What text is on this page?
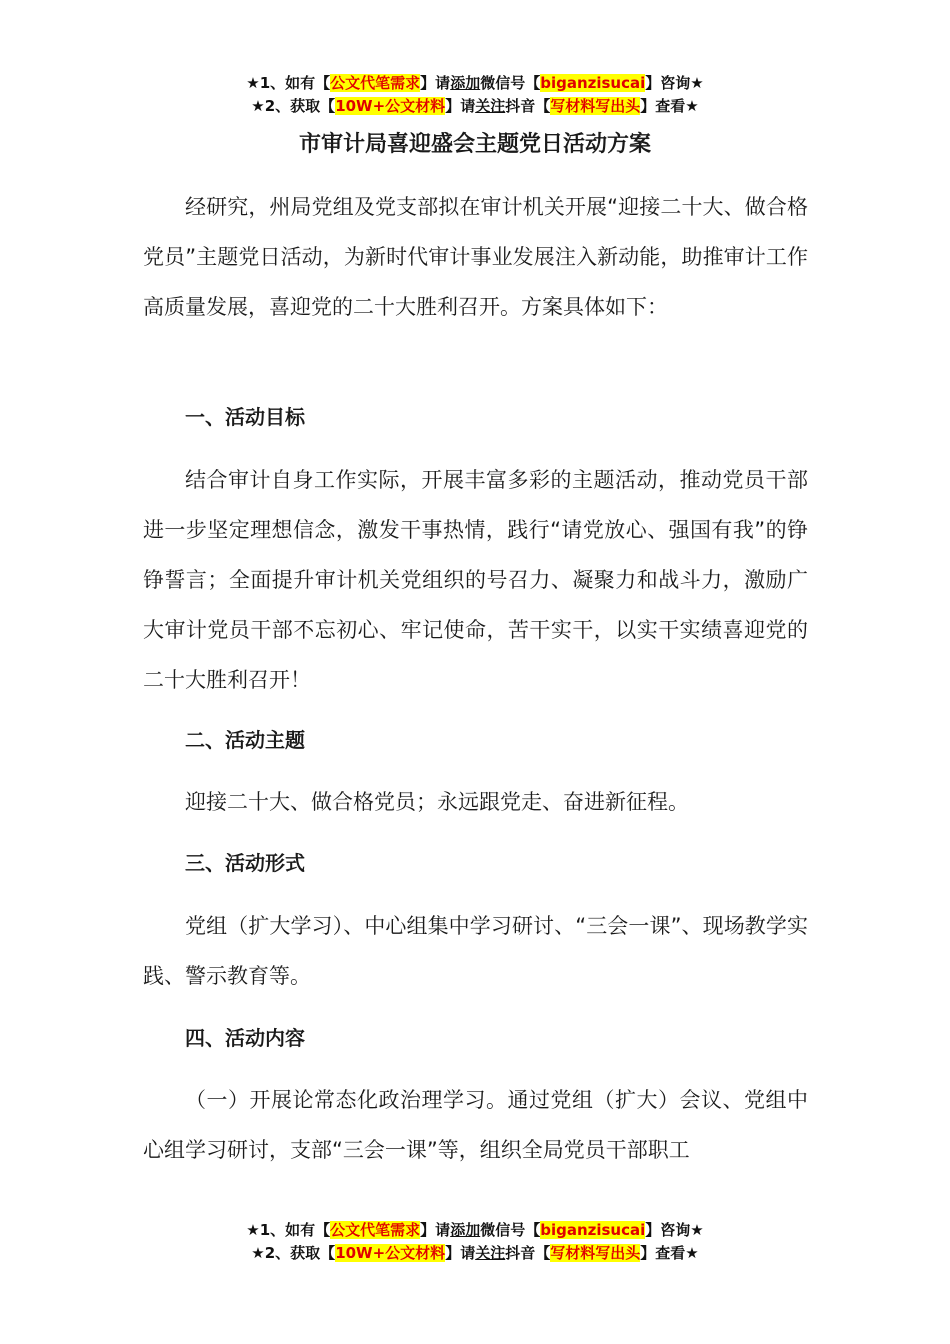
★1、如有【公文代笔需求】请添加微信号【biganzisucai】咨询★
★2、获取【10W+公文材料】请关注抖音【写材料写出头】查看★
市审计局喜迎盛会主题党日活动方案
经研究，州局党组及党支部拟在审计机关开展“迎接二十大、做合格党员”主题党日活动，为新时代审计事业发展注入新动能，助推审计工作高质量发展，喜迎党的二十大胜利召开。方案具体如下：
一、活动目标
结合审计自身工作实际，开展丰富多彩的主题活动，推动党员干部进一步坚定理想信念，激发干事热情，践行“请党放心、强国有我”的铮铮誓言；全面提升审计机关党组织的号召力、凝聚力和战斗力，激励广大审计党员干部不忘初心、牢记使命，苦干实干，以实干实绩喜迎党的二十大胜利召开！
二、活动主题
迎接二十大、做合格党员；永远跟党走、奋进新征程。
三、活动形式
党组（扩大学习）、中心组集中学习研讨、“三会一课”、现场教学实践、警示教育等。
四、活动内容
（一）开展论常态化政治理学习。通过党组（扩大）会议、党组中心组学习研讨，支部“三会一课”等，组织全局党员干部职工
★1、如有【公文代笔需求】请添加微信号【biganzisucai】咨询★
★2、获取【10W+公文材料】请关注抖音【写材料写出头】查看★
